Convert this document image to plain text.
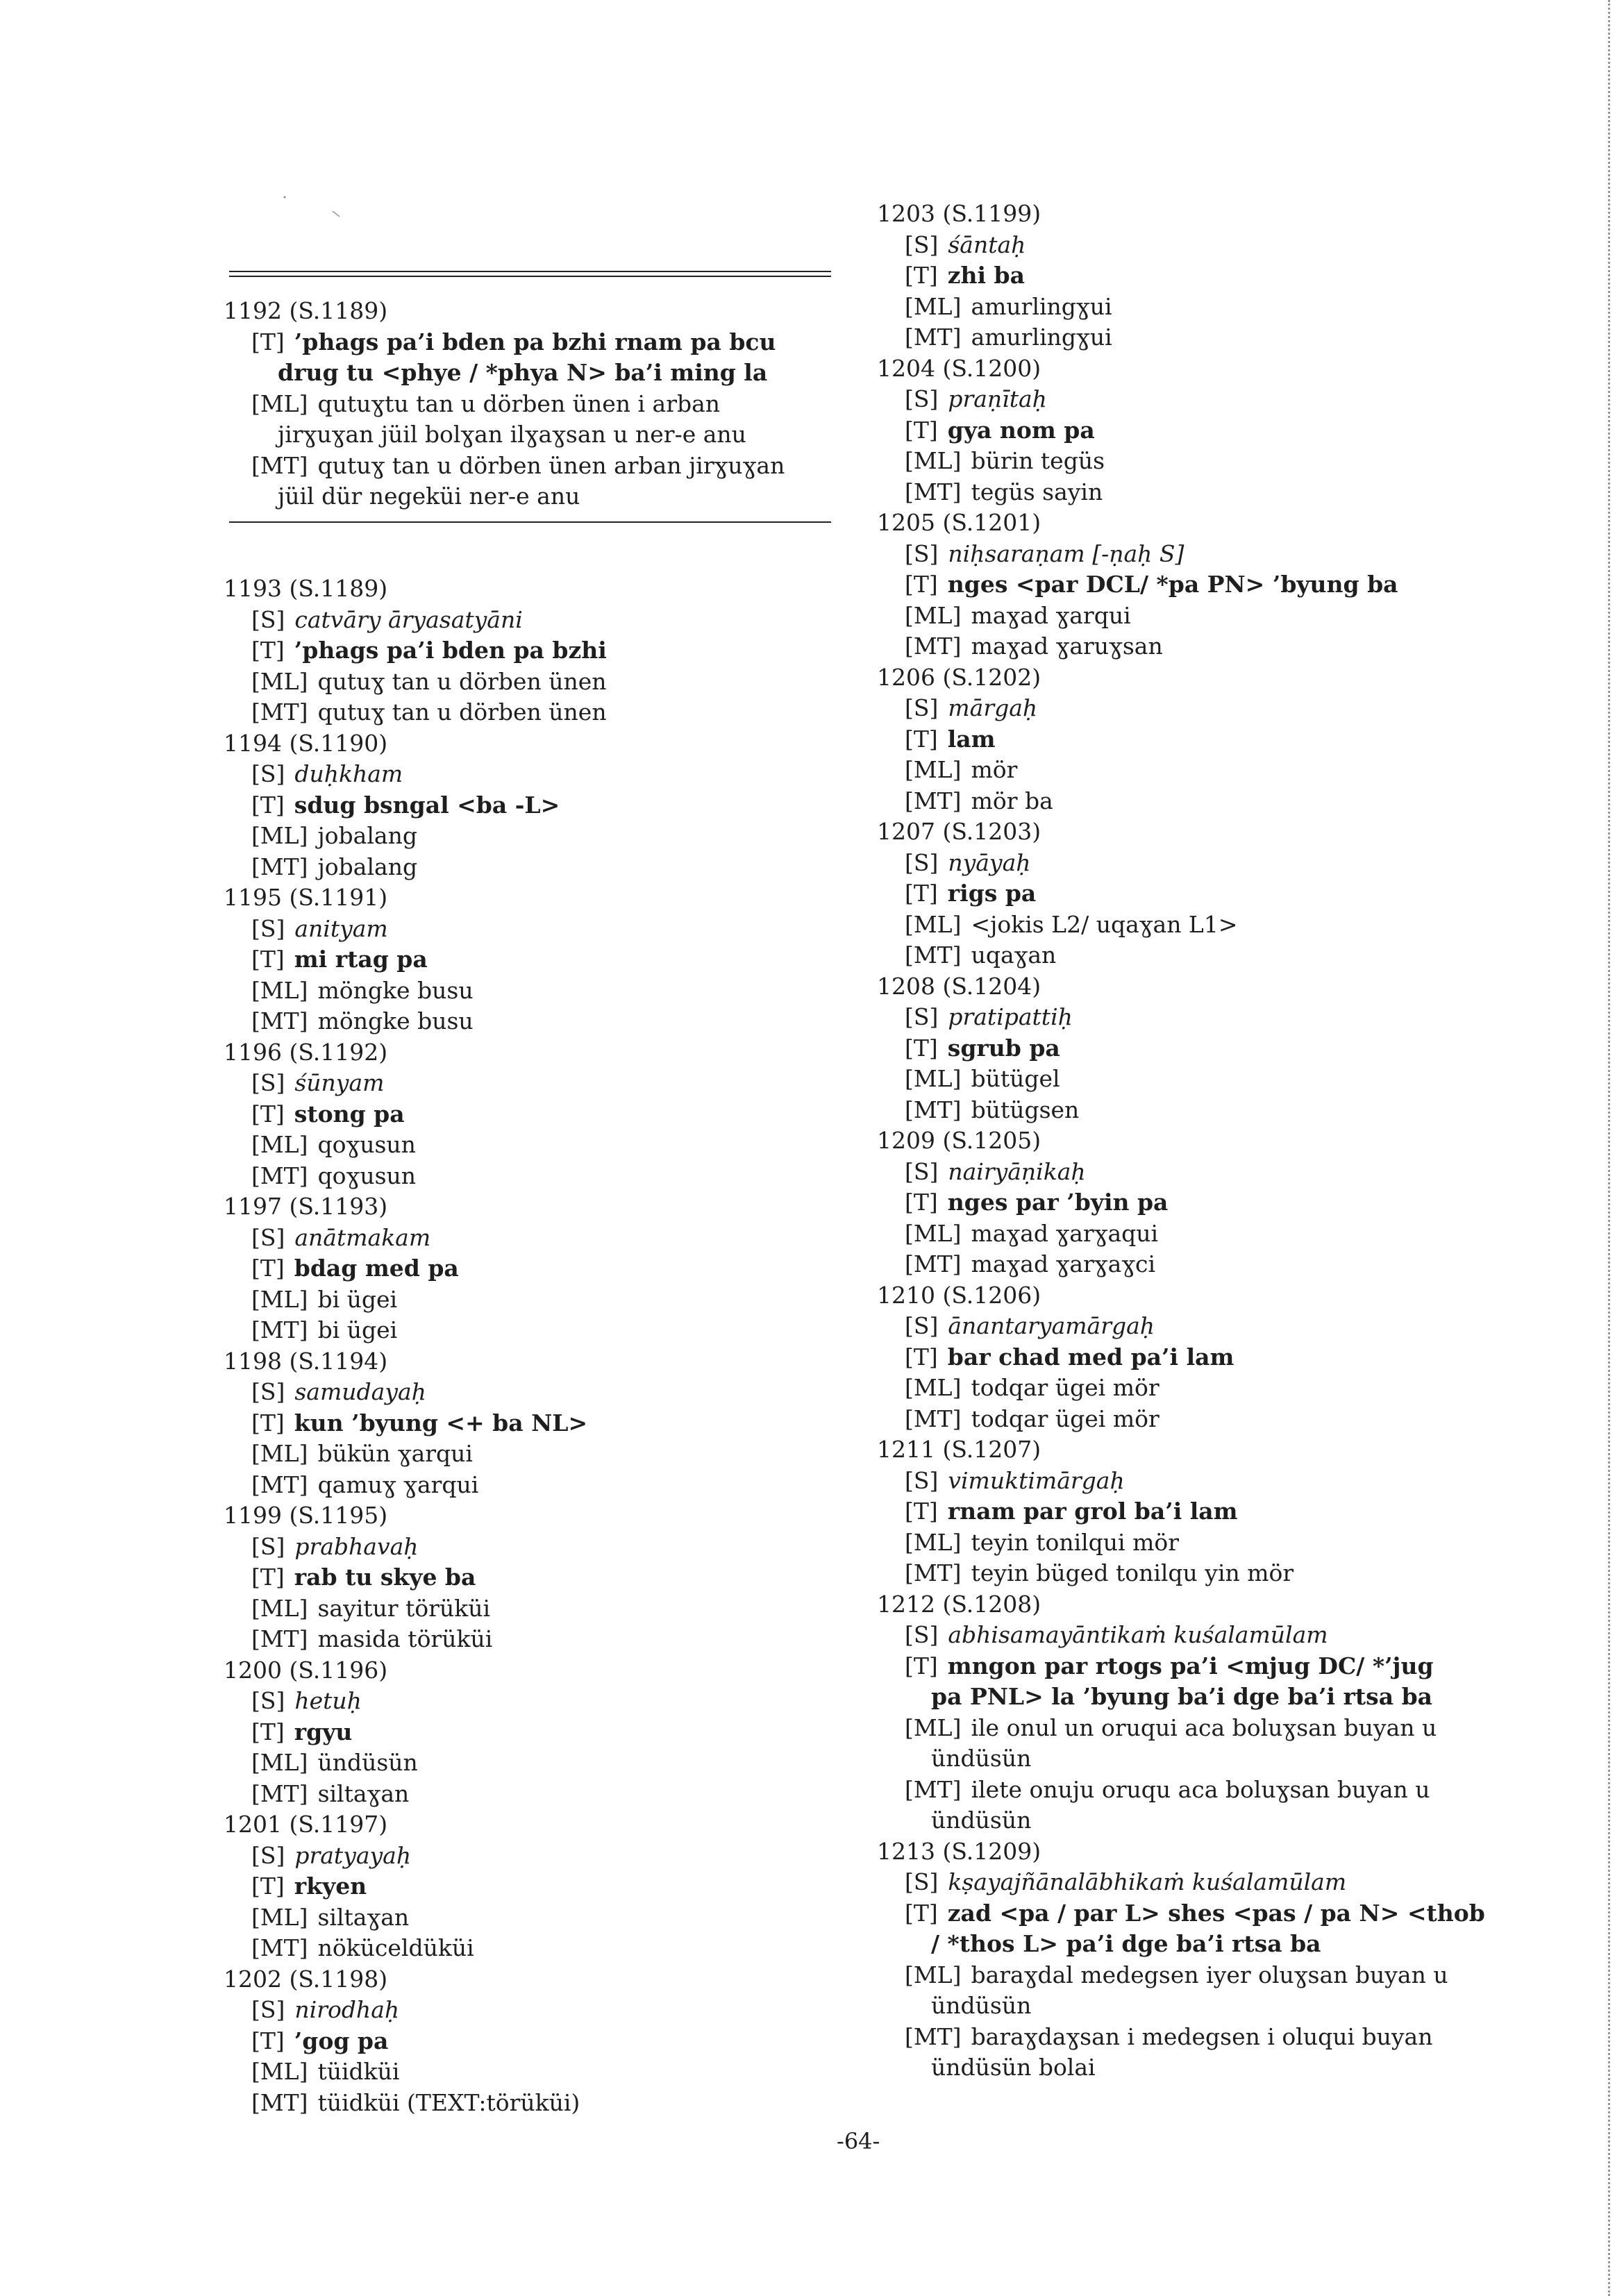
1192 (S.1189)
[T] ’phags pa’i bden pa bzhi rnam pa bcu
drug tu <phye / *phya N> ba’i ming la
[ML] qutuɣtu tan u dörben ünen i arban
jirɣuɣan jüil bolɣan ilɣaɣsan u ner-e anu
[MT] qutuɣ tan u dörben ünen arban jirɣuɣan
jüil dür negeküi ner-e anu
1193 (S.1189)
[S] catvāry āryasatyāni
[T] ’phags pa’i bden pa bzhi
[ML] qutuɣ tan u dörben ünen
[MT] qutuɣ tan u dörben ünen
1194 (S.1190)
[S] duḥkham
[T] sdug bsngal <ba -L>
[ML] jobalang
[MT] jobalang
1195 (S.1191)
[S] anityam
[T] mi rtag pa
[ML] möngke busu
[MT] möngke busu
1196 (S.1192)
[S] śūnyam
[T] stong pa
[ML] qoɣusun
[MT] qoɣusun
1197 (S.1193)
[S] anātmakam
[T] bdag med pa
[ML] bi ügei
[MT] bi ügei
1198 (S.1194)
[S] samudayaḥ
[T] kun ’byung <+ ba NL>
[ML] bükün ɣarqui
[MT] qamuɣ ɣarqui
1199 (S.1195)
[S] prabhavaḥ
[T] rab tu skye ba
[ML] sayitur törüküi
[MT] masida törüküi
1200 (S.1196)
[S] hetuḥ
[T] rgyu
[ML] ündüsün
[MT] siltaɣan
1201 (S.1197)
[S] pratyayaḥ
[T] rkyen
[ML] siltaɣan
[MT] nöküceldüküi
1202 (S.1198)
[S] nirodhaḥ
[T] ’gog pa
[ML] tüidküi
[MT] tüidküi (TEXT:törüküi)
1203 (S.1199)
[S] śāntaḥ
[T] zhi ba
[ML] amurlingɣui
[MT] amurlingɣui
1204 (S.1200)
[S] praṇītaḥ
[T] gya nom pa
[ML] bürin tegüs
[MT] tegüs sayin
1205 (S.1201)
[S] niḥsaraṇam [-ṇaḥ S]
[T] nges <par DCL/ *pa PN> ’byung ba
[ML] maɣad ɣarqui
[MT] maɣad ɣaruɣsan
1206 (S.1202)
[S] mārgaḥ
[T] lam
[ML] mör
[MT] mör ba
1207 (S.1203)
[S] nyāyaḥ
[T] rigs pa
[ML] <jokis L2/ uqaɣan L1>
[MT] uqaɣan
1208 (S.1204)
[S] pratipattiḥ
[T] sgrub pa
[ML] bütügel
[MT] bütügsen
1209 (S.1205)
[S] nairyāṇikaḥ
[T] nges par ’byin pa
[ML] maɣad ɣarɣaqui
[MT] maɣad ɣarɣaɣci
1210 (S.1206)
[S] ānantaryamārgaḥ
[T] bar chad med pa’i lam
[ML] todqar ügei mör
[MT] todqar ügei mör
1211 (S.1207)
[S] vimuktimārgaḥ
[T] rnam par grol ba’i lam
[ML] teyin tonilqui mör
[MT] teyin büged tonilqu yin mör
1212 (S.1208)
[S] abhisamayāntikaṁ kuśalamūlam
[T] mngon par rtogs pa’i <mjug DC/ *’jug
pa PNL> la ’byung ba’i dge ba’i rtsa ba
[ML] ile onul un oruqui aca boluɣsan buyan u
ündüsün
[MT] ilete onuju oruqu aca boluɣsan buyan u
ündüsün
1213 (S.1209)
[S] kṣayajñānalābhikaṁ kuśalamūlam
[T] zad <pa / par L> shes <pas / pa N> <thob
/ *thos L> pa’i dge ba’i rtsa ba
[ML] baraɣdal medegsen iyer oluɣsan buyan u
ündüsün
[MT] baraɣdaɣsan i medegsen i oluqui buyan
ündüsün bolai
-64-
